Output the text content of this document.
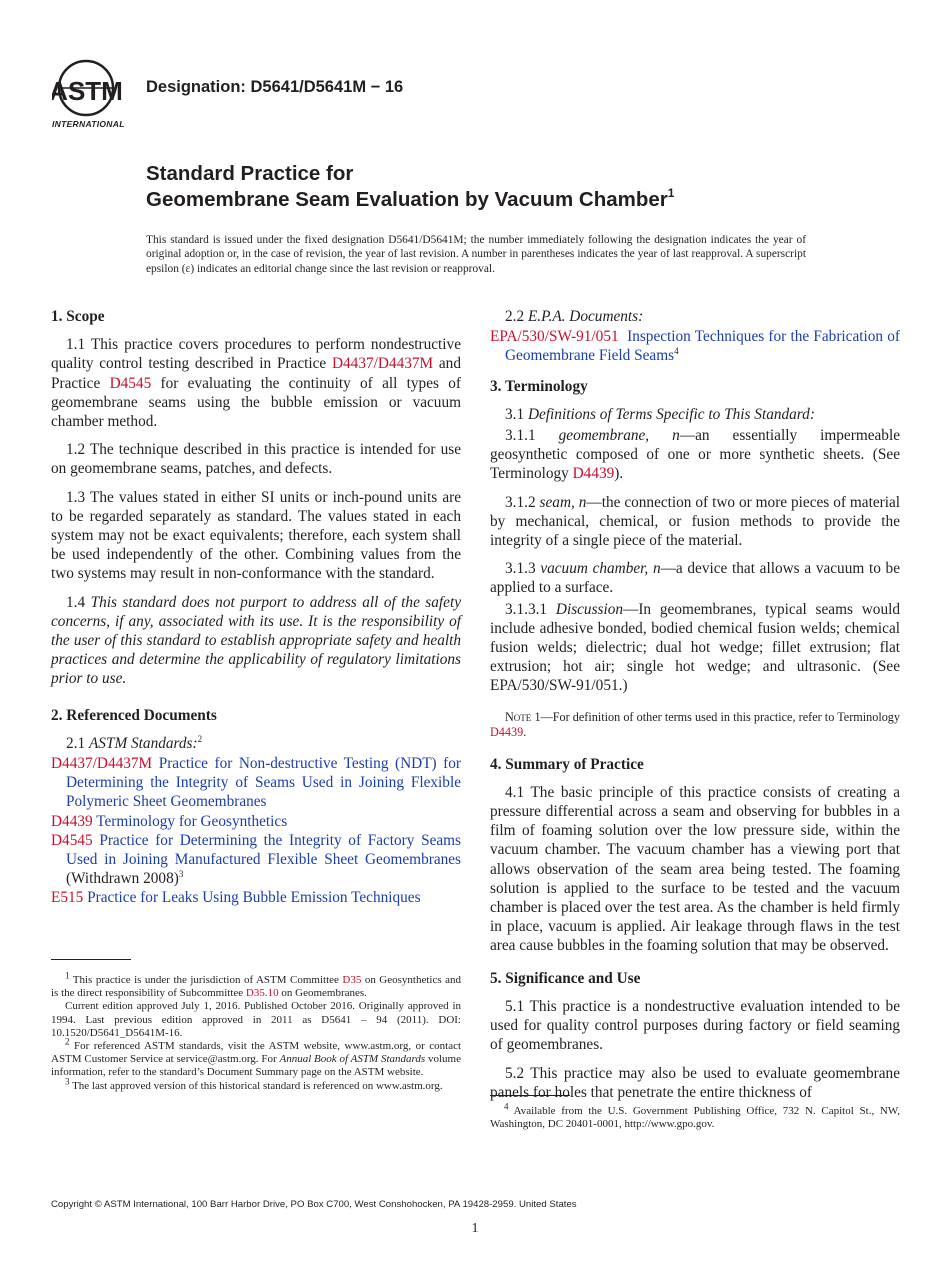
ASTM
INTERNATIONAL
Designation: D5641/D5641M − 16
Standard Practice for
Geomembrane Seam Evaluation by Vacuum Chamber$^1$
This standard is issued under the fixed designation D5641/D5641M; the number immediately following the designation indicates the year of original adoption or, in the case of revision, the year of last revision. A number in parentheses indicates the year of last reapproval. A superscript epsilon (ε) indicates an editorial change since the last revision or reapproval.

1. Scope

1.1 This practice covers procedures to perform nondestructive quality control testing described in Practice D4437/D4437M and Practice D4545 for evaluating the continuity of all types of geomembrane seams using the bubble emission or vacuum chamber method.

1.2 The technique described in this practice is intended for use on geomembrane seams, patches, and defects.

1.3 The values stated in either SI units or inch-pound units are to be regarded separately as standard. The values stated in each system may not be exact equivalents; therefore, each system shall be used independently of the other. Combining values from the two systems may result in non-conformance with the standard.

1.4 This standard does not purport to address all of the safety concerns, if any, associated with its use. It is the responsibility of the user of this standard to establish appropriate safety and health practices and determine the applicability of regulatory limitations prior to use.

2. Referenced Documents

2.1 ASTM Standards:$^2$

D4437/D4437M Practice for Non-destructive Testing (NDT) for Determining the Integrity of Seams Used in Joining Flexible Polymeric Sheet Geomembranes

D4439 Terminology for Geosynthetics

D4545 Practice for Determining the Integrity of Factory Seams Used in Joining Manufactured Flexible Sheet Geomembranes (Withdrawn 2008)$^3$

E515 Practice for Leaks Using Bubble Emission Techniques

$^1$ This practice is under the jurisdiction of ASTM Committee D35 on Geosynthetics and is the direct responsibility of Subcommittee D35.10 on Geomembranes.

Current edition approved July 1, 2016. Published October 2016. Originally approved in 1994. Last previous edition approved in 2011 as D5641 – 94 (2011). DOI: 10.1520/D5641_D5641M-16.

$^2$ For referenced ASTM standards, visit the ASTM website, www.astm.org, or contact ASTM Customer Service at service@astm.org. For Annual Book of ASTM Standards volume information, refer to the standard’s Document Summary page on the ASTM website.

$^3$ The last approved version of this historical standard is referenced on www.astm.org.

2.2 E.P.A. Documents:

EPA/530/SW-91/051 Inspection Techniques for the Fabrication of Geomembrane Field Seams$^4$

3. Terminology

3.1 Definitions of Terms Specific to This Standard:

3.1.1 geomembrane, n—an essentially impermeable geosynthetic composed of one or more synthetic sheets. (See Terminology D4439).

3.1.2 seam, n—the connection of two or more pieces of material by mechanical, chemical, or fusion methods to provide the integrity of a single piece of the material.

3.1.3 vacuum chamber, n—a device that allows a vacuum to be applied to a surface.

3.1.3.1 Discussion—In geomembranes, typical seams would include adhesive bonded, bodied chemical fusion welds; chemical fusion welds; dielectric; dual hot wedge; fillet extrusion; flat extrusion; hot air; single hot wedge; and ultrasonic. (See EPA/530/SW-91/051.)

Note 1—For definition of other terms used in this practice, refer to Terminology D4439.

4. Summary of Practice

4.1 The basic principle of this practice consists of creating a pressure differential across a seam and observing for bubbles in a film of foaming solution over the low pressure side, within the vacuum chamber. The vacuum chamber has a viewing port that allows observation of the seam area being tested. The foaming solution is applied to the surface to be tested and the vacuum chamber is placed over the test area. As the chamber is held firmly in place, vacuum is applied. Air leakage through flaws in the test area cause bubbles in the foaming solution that may be observed.

5. Significance and Use

5.1 This practice is a nondestructive evaluation intended to be used for quality control purposes during factory or field seaming of geomembranes.

5.2 This practice may also be used to evaluate geomembrane panels for holes that penetrate the entire thickness of

$^4$ Available from the U.S. Government Publishing Office, 732 N. Capitol St., NW, Washington, DC 20401-0001, http://www.gpo.gov.

Copyright © ASTM International, 100 Barr Harbor Drive, PO Box C700, West Conshohocken, PA 19428-2959. United States
1
